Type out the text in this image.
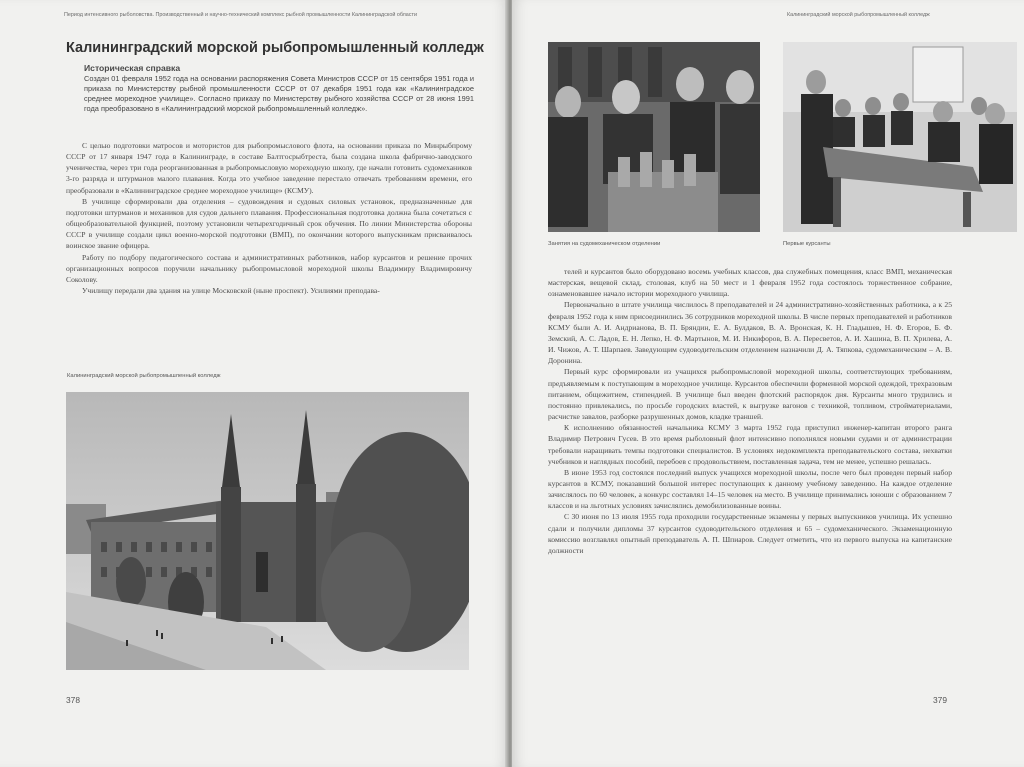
Период интенсивного рыболовства. Производственный и научно-технический комплекс рыбной промышленности Калининградской области
Калининградский морской рыбопромышленный колледж
Историческая справка
Создан 01 февраля 1952 года на основании распоряжения Совета Министров СССР от 15 сентября 1951 года и приказа по Министерству рыбной промышленности СССР от 07 декабря 1951 года как «Калининградское среднее мореходное училище». Согласно приказу по Министерству рыбного хозяйства СССР от 28 июня 1991 года преобразовано в «Калининградский морской рыбопромышленный колледж».

С целью подготовки матросов и мотористов для рыбопромыслового флота, на основании приказа по Минрыбпрому СССР от 17 января 1947 года в Калининграде, в составе Балтгосрыбтреста, была создана школа фабрично-заводского ученичества, через три года реорганизованная в рыбопромысловую мореходную школу, где начали готовить судомехаников 3-го разряда и штурманов малого плавания. Когда это учебное заведение перестало отвечать требованиям времени, его преобразовали в «Калининградское среднее мореходное училище» (КСМУ).

В училище сформировали два отделения – судовождения и судовых силовых установок, предназначенные для подготовки штурманов и механиков для судов дальнего плавания. Профессиональная подготовка должна была сочетаться с общеобразовательной функцией, поэтому установили четырехгодичный срок обучения. По линии Министерства обороны СССР в училище создали цикл военно-морской подготовки (ВМП), по окончании которого выпускникам присваивалось воинское звание офицера.

Работу по подбору педагогического состава и административных работников, набор курсантов и решение прочих организационных вопросов поручили начальнику рыбопромысловой мореходной школы Владимиру Владимировичу Соколову.

Училищу передали два здания на улице Московской (ныне проспект). Усилиями преподава-

Калининградский морской рыбопромышленный колледж
378
Занятия на судомеханическом отделении	Первые курсанты

телей и курсантов было оборудовано восемь учебных классов, два служебных помещения, класс ВМП, механическая мастерская, вещевой склад, столовая, клуб на 50 мест и 1 февраля 1952 года состоялось торжественное собрание, ознаменовавшее начало истории мореходного училища.

Первоначально в штате училища числилось 8 преподавателей и 24 административно-хозяйственных работника, а к 25 февраля 1952 года к ним присоединились 36 сотрудников мореходной школы. В числе первых преподавателей и работников КСМУ были А. И. Андрианова, В. П. Бряндин, Е. А. Булдаков, В. А. Вронская, К. Н. Гладышев, Н. Ф. Егоров, Б. Ф. Земский, А. С. Ладов, Е. Н. Лепко, Н. Ф. Мартынов, М. И. Никифоров, В. А. Пересветов, А. И. Хашина, В. П. Хрилева, А. И. Чижов, А. Т. Шарпаев. Заведующим судоводительским отделением назначили Д. А. Тяпкова, судомеханическим – А. В. Доронина.

Первый курс сформировали из учащихся рыбопромысловой мореходной школы, соответствующих требованиям, предъявляемым к поступающим в мореходное училище. Курсантов обеспечили форменной морской одеждой, трехразовым питанием, общежитием, стипендией. В училище был введен флотский распорядок дня. Курсанты много трудились и постоянно привлекались, по просьбе городских властей, к выгрузке вагонов с техникой, топливом, стройматериалами, расчистке завалов, разборке разрушенных домов, кладке траншей.

К исполнению обязанностей начальника КСМУ 3 марта 1952 года приступил инженер-капитан второго ранга Владимир Петрович Гусев. В это время рыболовный флот интенсивно пополнялся новыми судами и от администрации требовали наращивать темпы подготовки специалистов. В условиях недокомплекта преподавательского состава, нехватки учебников и наглядных пособий, перебоев с продовольствием, поставленная задача, тем не менее, успешно решалась.

В июне 1953 год состоялся последний выпуск учащихся мореходной школы, после чего был проведен первый набор курсантов в КСМУ, показавший большой интерес поступающих к данному учебному заведению. На каждое отделение зачислялось по 60 человек, а конкурс составлял 14–15 человек на место. В училище принимались юноши с образованием 7 классов и на льготных условиях зачислялись демобилизованные воины.

С 30 июня по 13 июля 1955 года проходили государственные экзамены у первых выпускников училища. Их успешно сдали и получили дипломы 37 курсантов судоводительского отделения и 65 – судомеханического. Экзаменационную комиссию возглавлял опытный преподаватель А. П. Шпиаров. Следует отметить, что из первого выпуска на капитанские должности

379
Калининградский морской рыбопромышленный колледж
